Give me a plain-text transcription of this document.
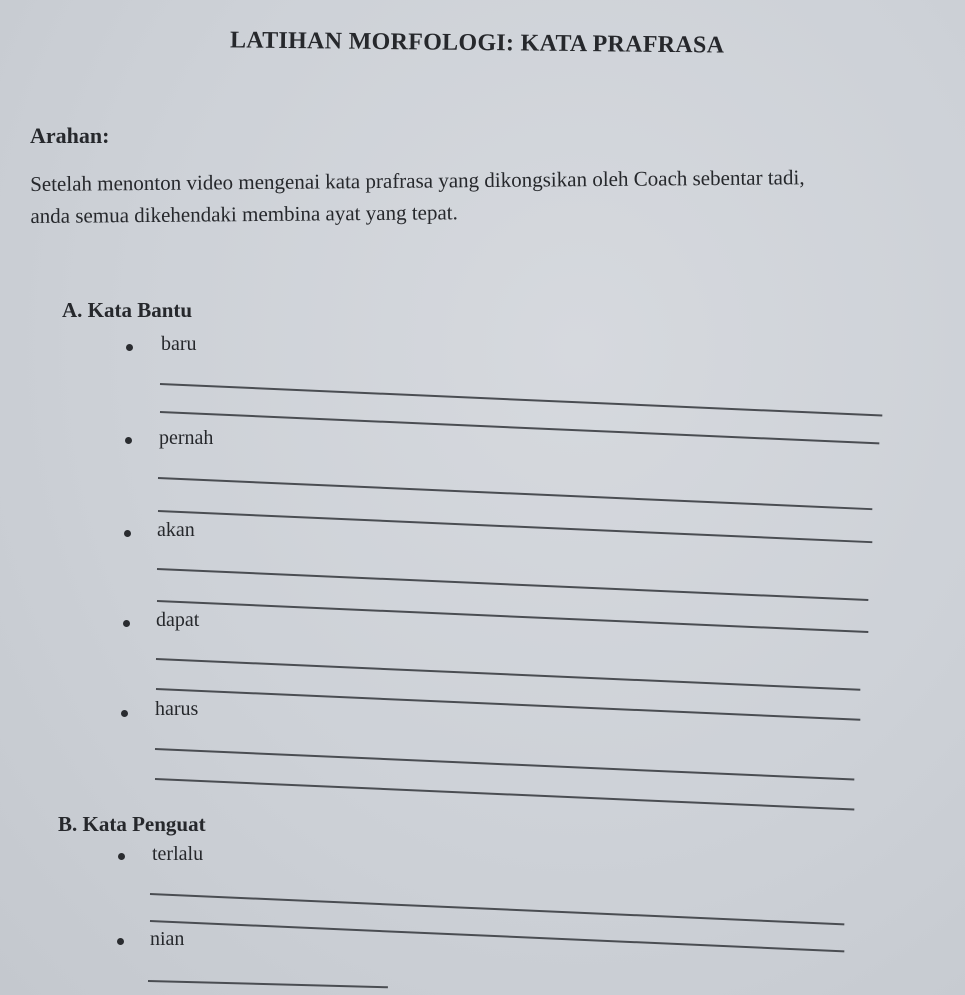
LATIHAN MORFOLOGI: KATA PRAFRASA
Arahan:
Setelah menonton video mengenai kata prafrasa yang dikongsikan oleh Coach sebentar tadi,
anda semua dikehendaki membina ayat yang tepat.
A. Kata Bantu
baru
pernah
akan
dapat
harus
B. Kata Penguat
terlalu
nian
